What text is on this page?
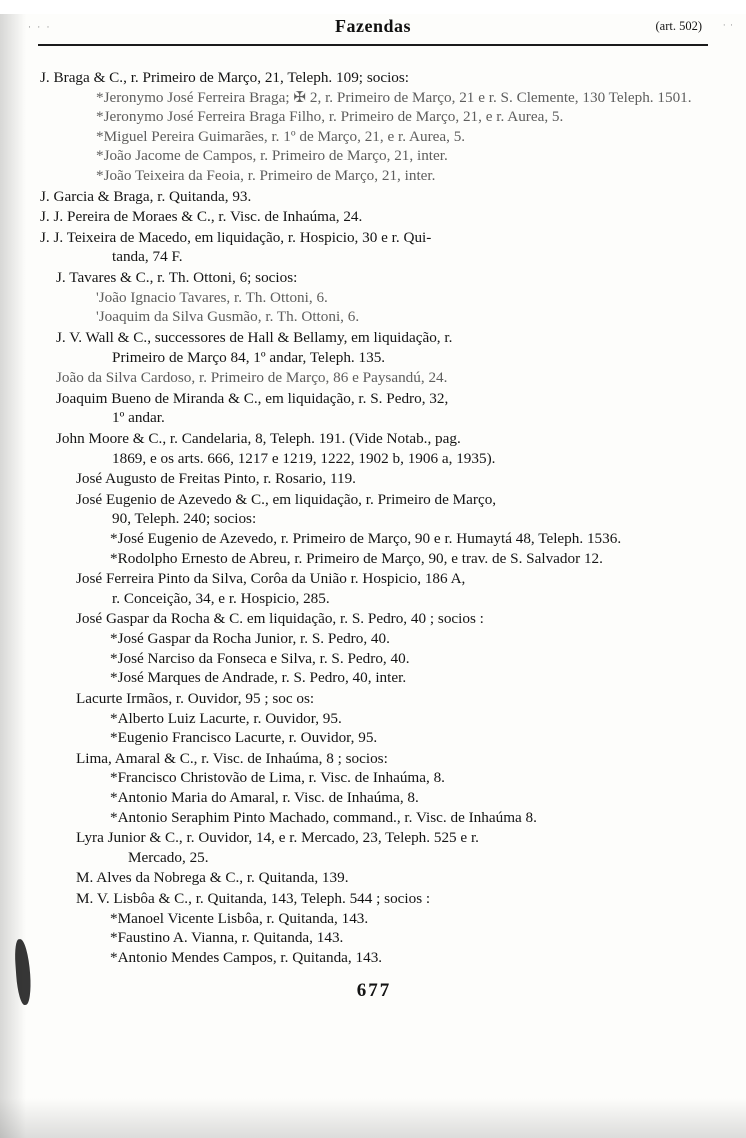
· · ·	· ·
Fazendas	(art. 502)
J. Braga & C., r. Primeiro de Março, 21, Teleph. 109; socios:
*Jeronymo José Ferreira Braga; ✠ 2, r. Primeiro de Março, 21 e r. S. Clemente, 130 Teleph. 1501.
*Jeronymo José Ferreira Braga Filho, r. Primeiro de Março, 21, e r. Aurea, 5.
*Miguel Pereira Guimarães, r. 1º de Março, 21, e r. Aurea, 5.
*João Jacome de Campos, r. Primeiro de Março, 21, inter.
*João Teixeira da Feoia, r. Primeiro de Março, 21, inter.
J. Garcia & Braga, r. Quitanda, 93.
J. J. Pereira de Moraes & C., r. Visc. de Inhaúma, 24.
J. J. Teixeira de Macedo, em liquidação, r. Hospicio, 30 e r. Qui-
tanda, 74 F.
J. Tavares & C., r. Th. Ottoni, 6; socios:
'João Ignacio Tavares, r. Th. Ottoni, 6.
'Joaquim da Silva Gusmão, r. Th. Ottoni, 6.
J. V. Wall & C., successores de Hall & Bellamy, em liquidação, r.
Primeiro de Março 84, 1º andar, Teleph. 135.
João da Silva Cardoso, r. Primeiro de Março, 86 e Paysandú, 24.
Joaquim Bueno de Miranda & C., em liquidação, r. S. Pedro, 32,
1º andar.
John Moore & C., r. Candelaria, 8, Teleph. 191. (Vide Notab., pag.
1869, e os arts. 666, 1217 e 1219, 1222, 1902 b, 1906 a, 1935).
José Augusto de Freitas Pinto, r. Rosario, 119.
José Eugenio de Azevedo & C., em liquidação, r. Primeiro de Março,
90, Teleph. 240; socios:
*José Eugenio de Azevedo, r. Primeiro de Março, 90 e r. Humaytá 48, Teleph. 1536.
*Rodolpho Ernesto de Abreu, r. Primeiro de Março, 90, e trav. de S. Salvador 12.
José Ferreira Pinto da Silva, Corôa da União r. Hospicio, 186 A,
r. Conceição, 34, e r. Hospicio, 285.
José Gaspar da Rocha & C. em liquidação, r. S. Pedro, 40 ; socios :
*José Gaspar da Rocha Junior, r. S. Pedro, 40.
*José Narciso da Fonseca e Silva, r. S. Pedro, 40.
*José Marques de Andrade, r. S. Pedro, 40, inter.
Lacurte Irmãos, r. Ouvidor, 95 ; soc os:
*Alberto Luiz Lacurte, r. Ouvidor, 95.
*Eugenio Francisco Lacurte, r. Ouvidor, 95.
Lima, Amaral & C., r. Visc. de Inhaúma, 8 ; socios:
*Francisco Christovão de Lima, r. Visc. de Inhaúma, 8.
*Antonio Maria do Amaral, r. Visc. de Inhaúma, 8.
*Antonio Seraphim Pinto Machado, command., r. Visc. de Inhaúma 8.
Lyra Junior & C., r. Ouvidor, 14, e r. Mercado, 23, Teleph. 525 e r.
Mercado, 25.
M. Alves da Nobrega & C., r. Quitanda, 139.
M. V. Lisbôa & C., r. Quitanda, 143, Teleph. 544 ; socios :
*Manoel Vicente Lisbôa, r. Quitanda, 143.
*Faustino A. Vianna, r. Quitanda, 143.
*Antonio Mendes Campos, r. Quitanda, 143.
677
